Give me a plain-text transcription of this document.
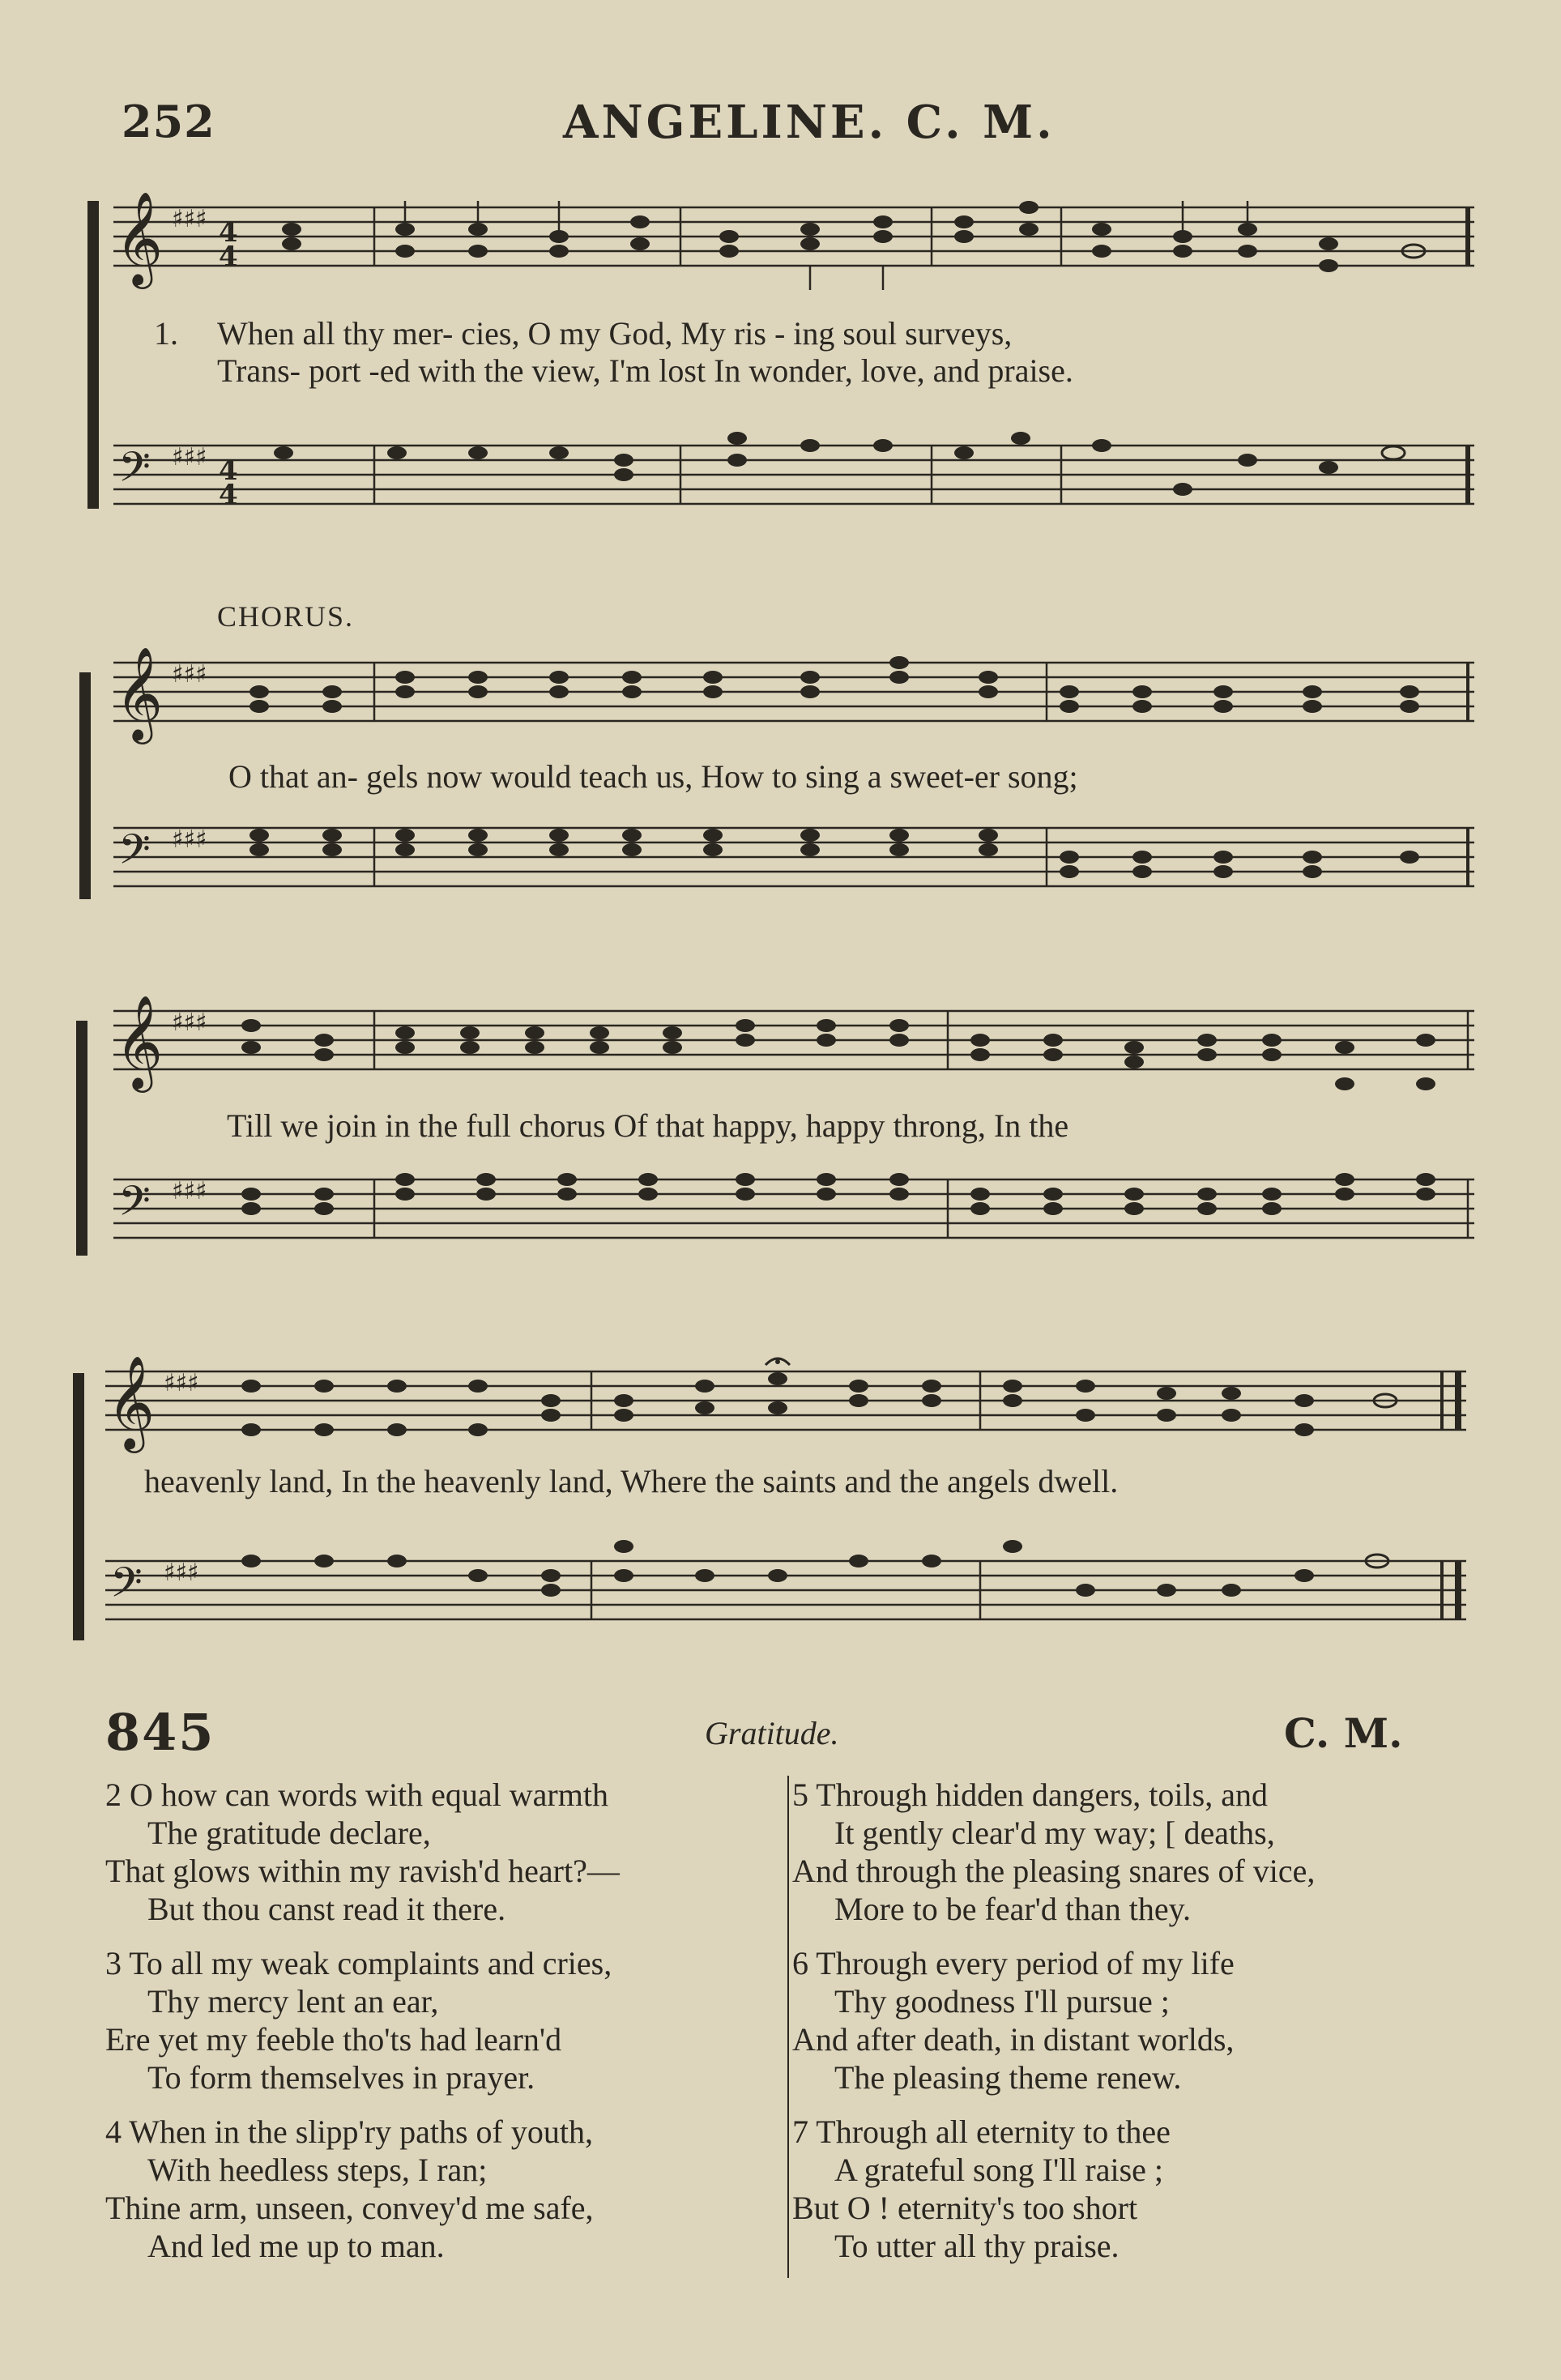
252	ANGELINE. C. M.
𝄞 ♯♯♯ 4
4
𝄢 ♯♯♯ 4
4
1. When all thy mer- cies, O my God, My ris - ing soul surveys,
Trans- port -ed with the view, I'm lost In wonder, love, and praise.
CHORUS.
𝄞 ♯♯♯
𝄢 ♯♯♯
O that an- gels now would teach us, How to sing a sweet-er song;
𝄞 ♯♯♯
𝄢 ♯♯♯
Till we join in the full chorus Of that happy, happy throng, In the
𝄞 ♯♯♯
𝄢 ♯♯♯
heavenly land, In the heavenly land, Where the saints and the angels dwell.
845	Gratitude.	C. M.
2 O how can words with equal warmth
The gratitude declare,
That glows within my ravish'd heart?—
But thou canst read it there.
3 To all my weak complaints and cries,
Thy mercy lent an ear,
Ere yet my feeble tho'ts had learn'd
To form themselves in prayer.
4 When in the slipp'ry paths of youth,
With heedless steps, I ran;
Thine arm, unseen, convey'd me safe,
And led me up to man.
5 Through hidden dangers, toils, and
It gently clear'd my way; [ deaths,
And through the pleasing snares of vice,
More to be fear'd than they.
6 Through every period of my life
Thy goodness I'll pursue ;
And after death, in distant worlds,
The pleasing theme renew.
7 Through all eternity to thee
A grateful song I'll raise ;
But O ! eternity's too short
To utter all thy praise.
